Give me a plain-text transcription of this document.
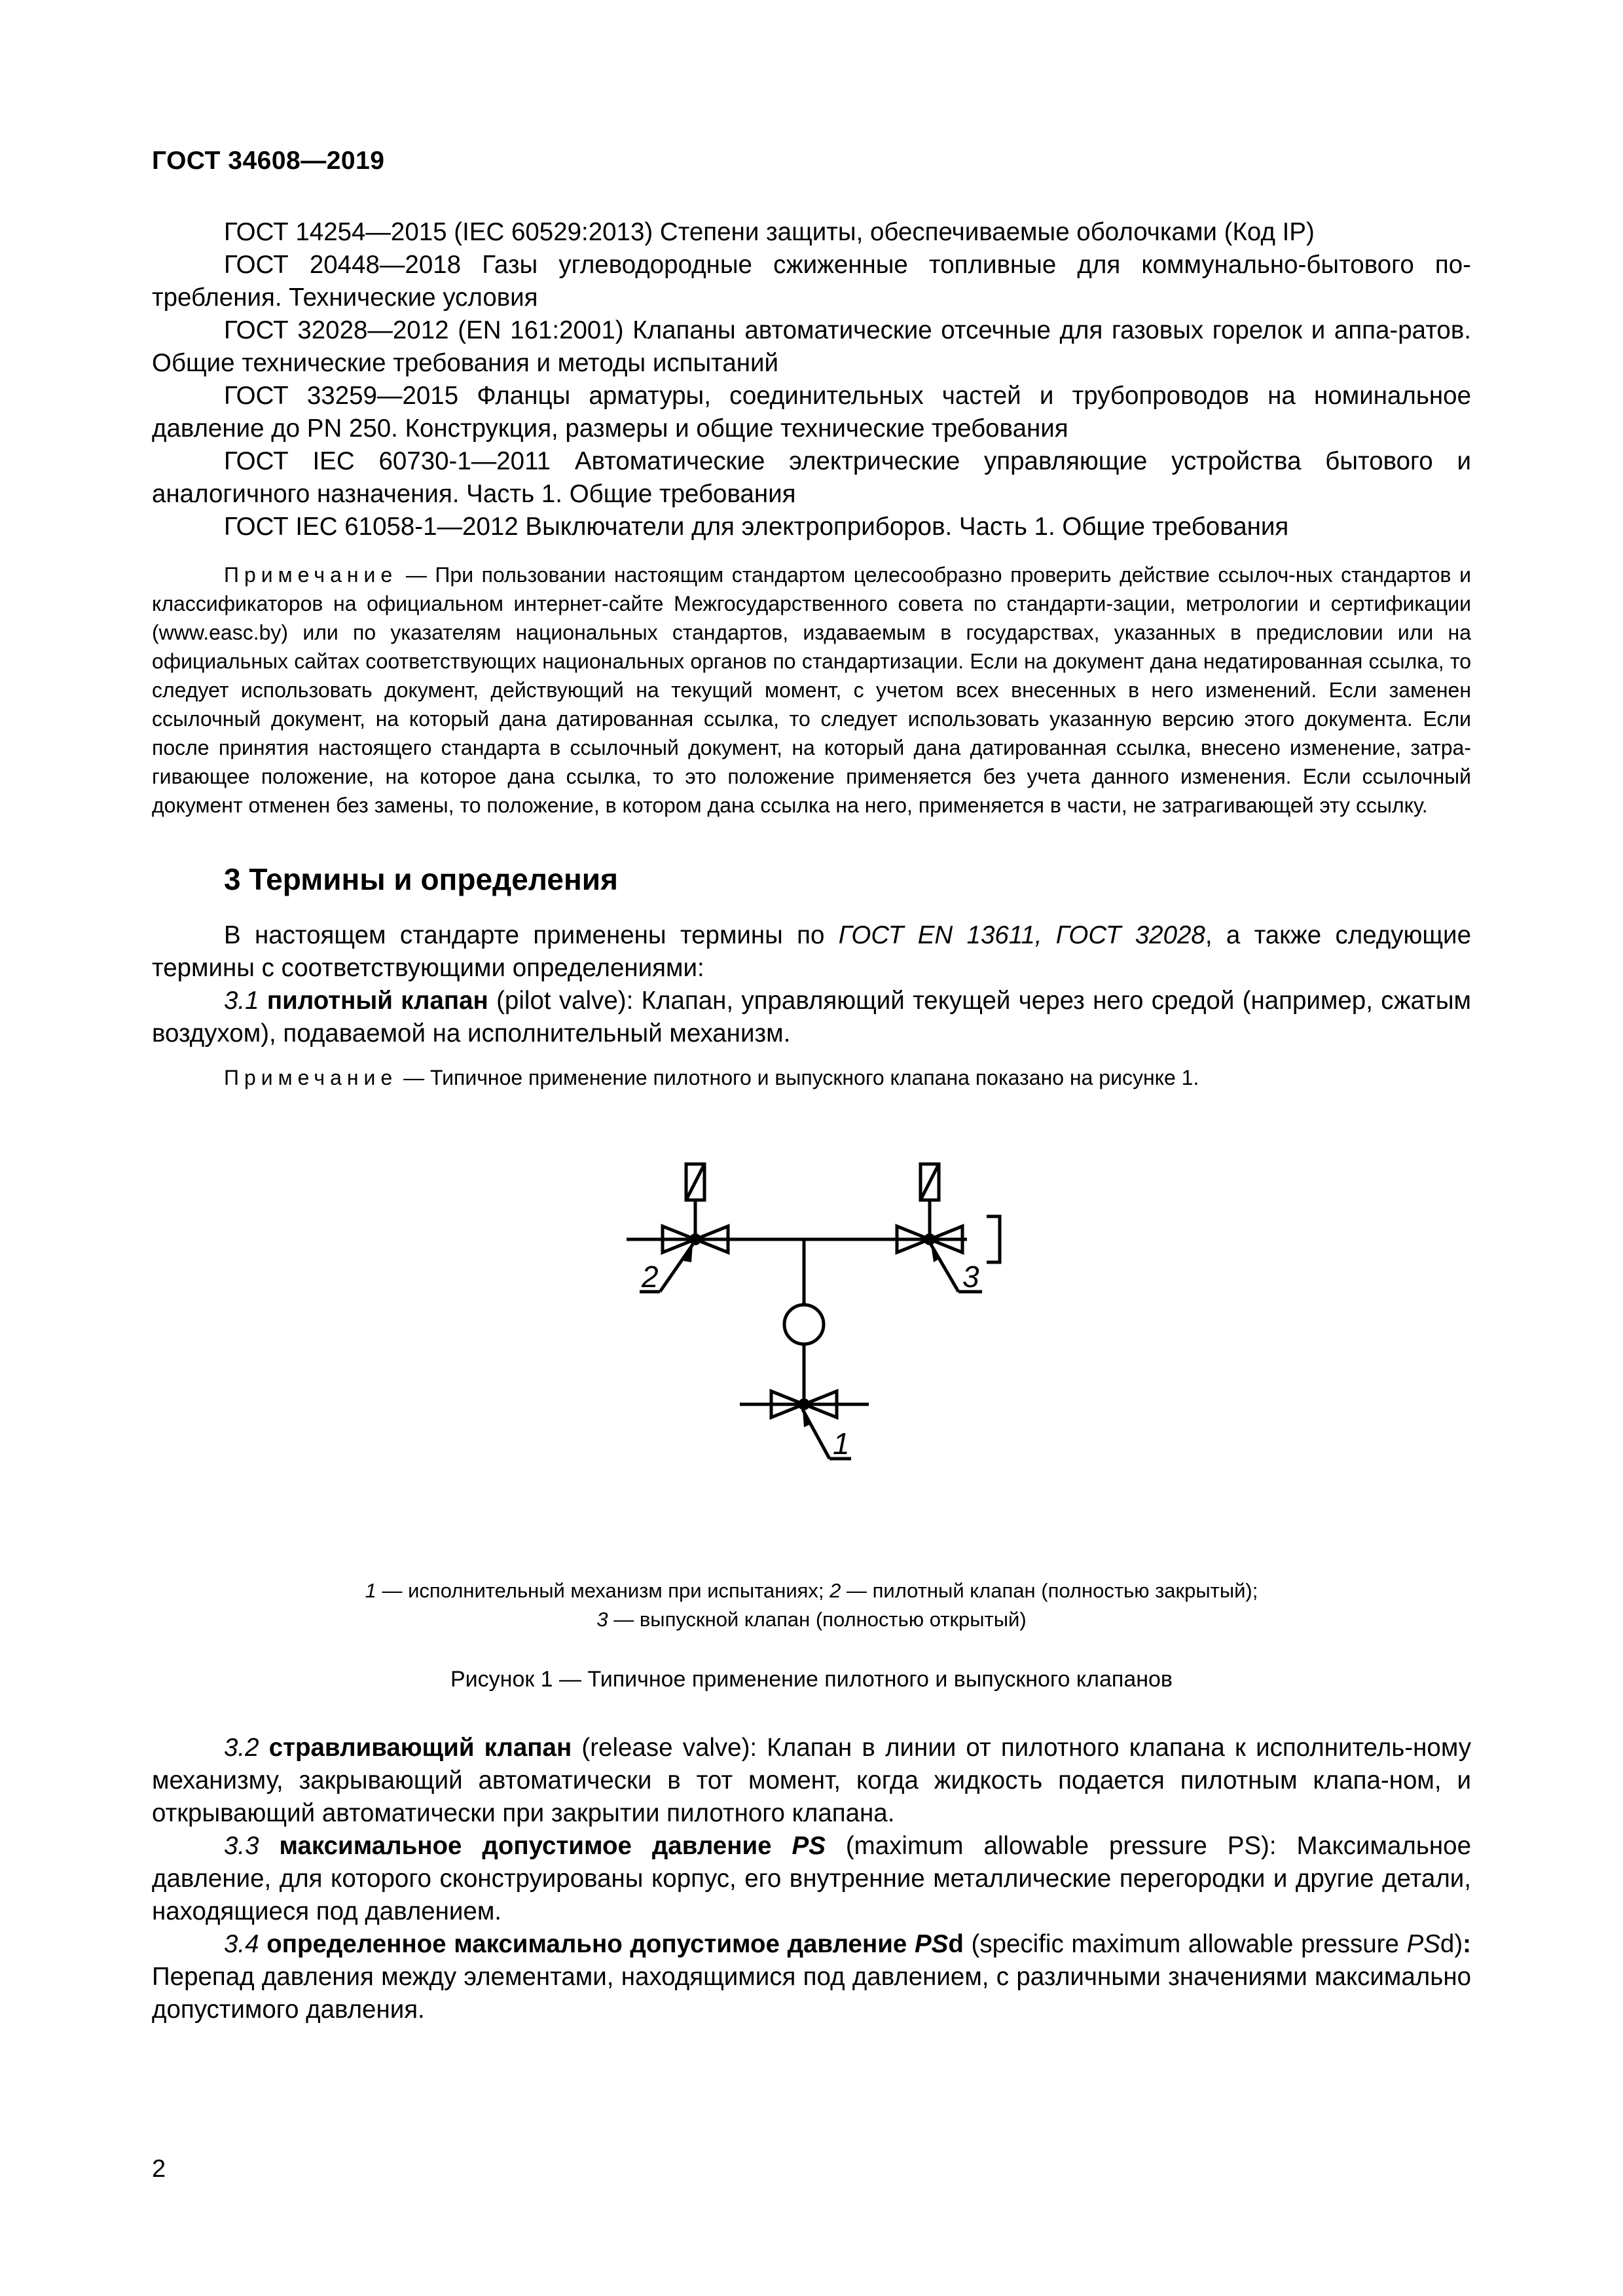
ГОСТ 34608—2019

ГОСТ 14254—2015 (IEC 60529:2013) Степени защиты, обеспечиваемые оболочками (Код IP)

ГОСТ 20448—2018 Газы углеводородные сжиженные топливные для коммунально-бытового по-требления. Технические условия

ГОСТ 32028—2012 (EN 161:2001) Клапаны автоматические отсечные для газовых горелок и аппа-ратов. Общие технические требования и методы испытаний

ГОСТ 33259—2015 Фланцы арматуры, соединительных частей и трубопроводов на номинальное давление до PN 250. Конструкция, размеры и общие технические требования

ГОСТ IEC 60730-1—2011 Автоматические электрические управляющие устройства бытового и аналогичного назначения. Часть 1. Общие требования

ГОСТ IEC 61058-1—2012 Выключатели для электроприборов. Часть 1. Общие требования

Примечание — При пользовании настоящим стандартом целесообразно проверить действие ссылоч-ных стандартов и классификаторов на официальном интернет-сайте Межгосударственного совета по стандарти-зации, метрологии и сертификации (www.easc.by) или по указателям национальных стандартов, издаваемым в государствах, указанных в предисловии или на официальных сайтах соответствующих национальных органов по стандартизации. Если на документ дана недатированная ссылка, то следует использовать документ, действующий на текущий момент, с учетом всех внесенных в него изменений. Если заменен ссылочный документ, на который дана датированная ссылка, то следует использовать указанную версию этого документа. Если после принятия настоящего стандарта в ссылочный документ, на который дана датированная ссылка, внесено изменение, затра-гивающее положение, на которое дана ссылка, то это положение применяется без учета данного изменения. Если ссылочный документ отменен без замены, то положение, в котором дана ссылка на него, применяется в части, не затрагивающей эту ссылку.

3 Термины и определения

В настоящем стандарте применены термины по ГОСТ EN 13611, ГОСТ 32028, а также следующие термины с соответствующими определениями:

3.1 пилотный клапан (pilot valve): Клапан, управляющий текущей через него средой (например, сжатым воздухом), подаваемой на исполнительный механизм.

Примечание — Типичное применение пилотного и выпускного клапана показано на рисунке 1.

2	3
1

1 — исполнительный механизм при испытаниях; 2 — пилотный клапан (полностью закрытый);

3 — выпускной клапан (полностью открытый)

Рисунок 1 — Типичное применение пилотного и выпускного клапанов

3.2 стравливающий клапан (release valve): Клапан в линии от пилотного клапана к исполнитель-ному механизму, закрывающий автоматически в тот момент, когда жидкость подается пилотным клапа-ном, и открывающий автоматически при закрытии пилотного клапана.

3.3 максимальное допустимое давление PS (maximum allowable pressure PS): Максимальное давление, для которого сконструированы корпус, его внутренние металлические перегородки и другие детали, находящиеся под давлением.

3.4 определенное максимально допустимое давление PSd (specific maximum allowable pressure PSd): Перепад давления между элементами, находящимися под давлением, с различными значениями максимально допустимого давления.

2
